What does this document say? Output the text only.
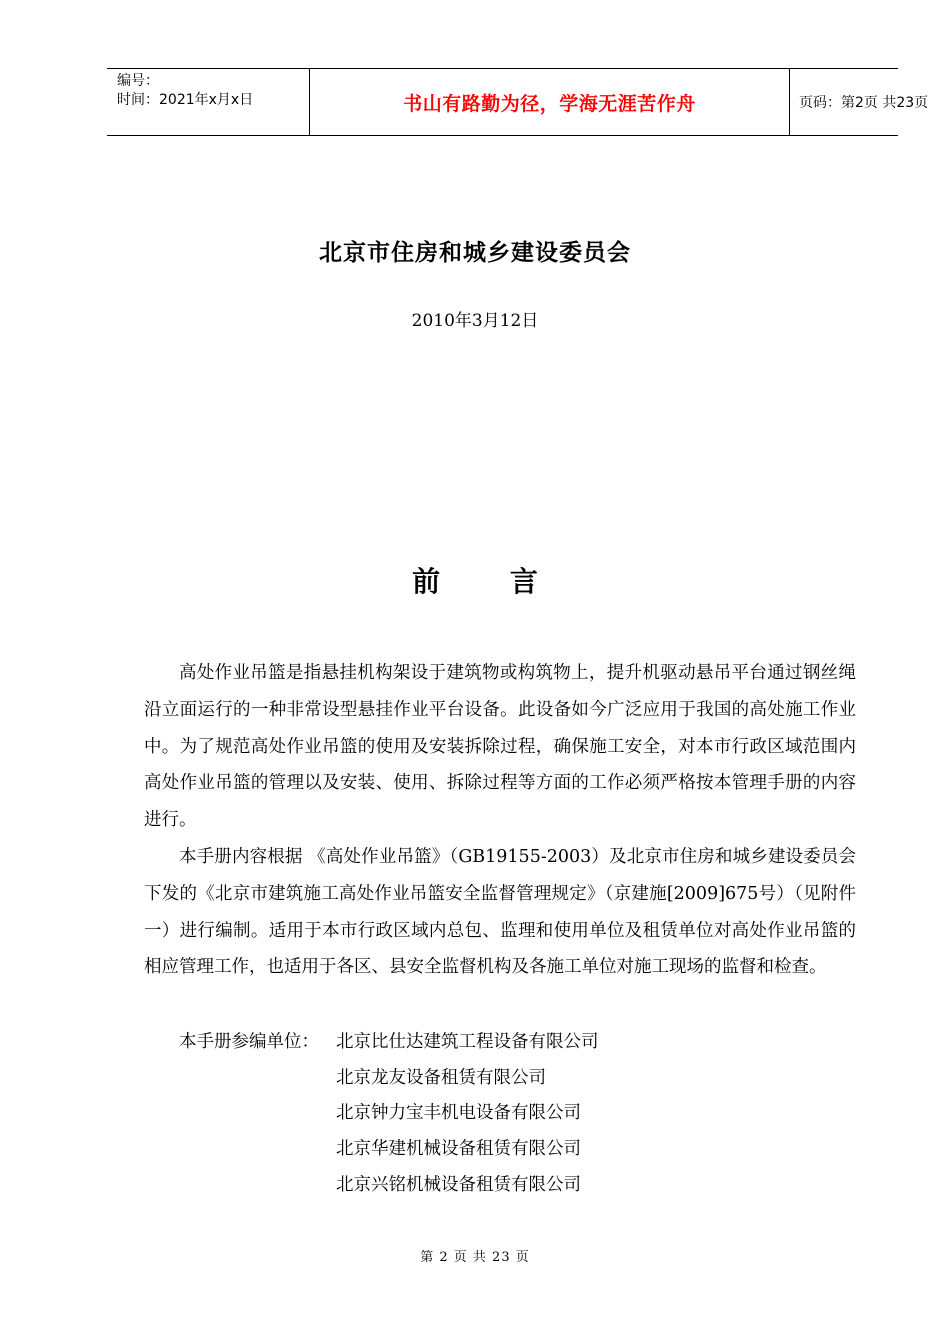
编号：
时间：2021年x月x日	书山有路勤为径，学海无涯苦作舟	页码：第2页 共23页
北京市住房和城乡建设委员会
2010年3月12日
前 言

高处作业吊篮是指悬挂机构架设于建筑物或构筑物上，提升机驱动悬吊平台通过钢丝绳沿立面运行的一种非常设型悬挂作业平台设备。此设备如今广泛应用于我国的高处施工作业中。为了规范高处作业吊篮的使用及安装拆除过程，确保施工安全，对本市行政区域范围内高处作业吊篮的管理以及安装、使用、拆除过程等方面的工作必须严格按本管理手册的内容进行。

本手册内容根据 《高处作业吊篮》（GB19155-2003）及北京市住房和城乡建设委员会下发的《北京市建筑施工高处作业吊篮安全监督管理规定》（京建施[2009]675号）（见附件一）进行编制。适用于本市行政区域内总包、监理和使用单位及租赁单位对高处作业吊篮的相应管理工作，也适用于各区、县安全监督机构及各施工单位对施工现场的监督和检查。

本手册参编单位： 北京比仕达建筑工程设备有限公司
北京龙友设备租赁有限公司
北京钟力宝丰机电设备有限公司
北京华建机械设备租赁有限公司
北京兴铭机械设备租赁有限公司
第 2 页 共 23 页
